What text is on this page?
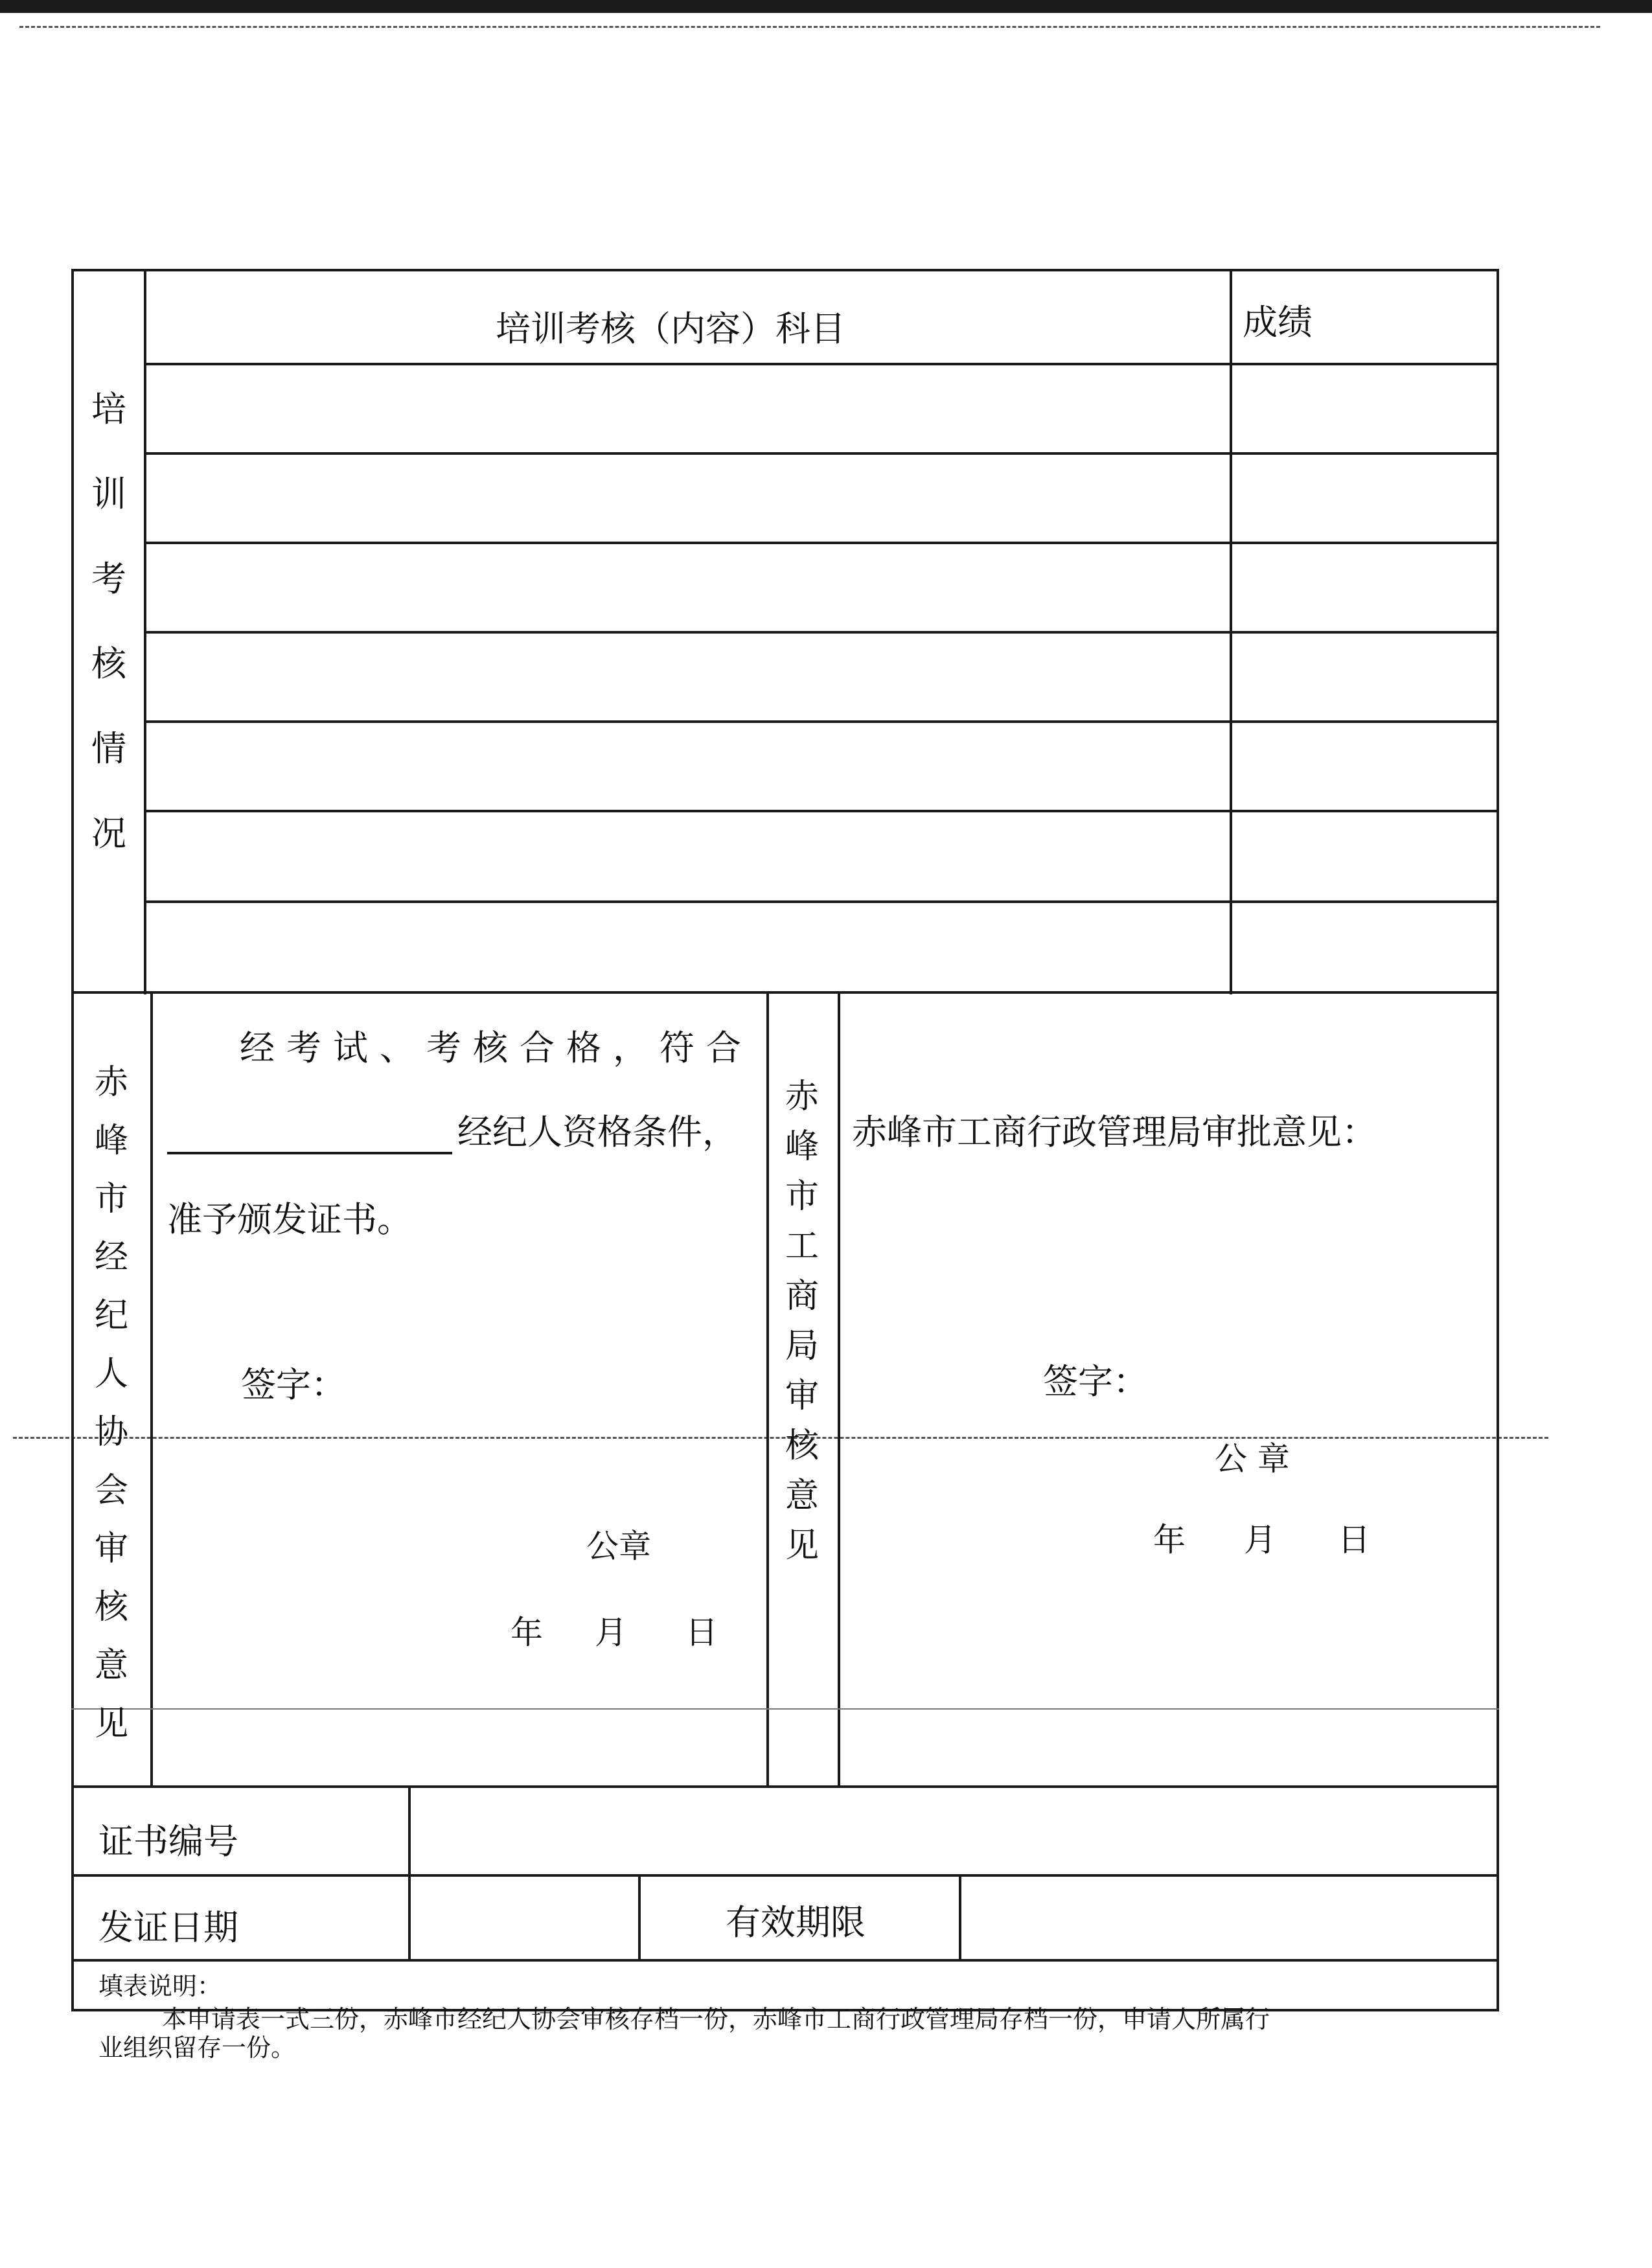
培
训
考
核
情
况
培训考核（内容）科目	成绩
赤
峰
市
经
纪
人
协
会
审
核
意
见
经考试、考核合格，符合
经纪人资格条件，
准予颁发证书。
签字：
公章
年 月 日
赤
峰
市
工
商
局
审
核
意
见
赤峰市工商行政管理局审批意见：
签字：
公 章
年 月 日
证书编号
发证日期	有效期限
填表说明：
本申请表一式三份，赤峰市经纪人协会审核存档一份，赤峰市工商行政管理局存档一份，申请人所属行
业组织留存一份。
